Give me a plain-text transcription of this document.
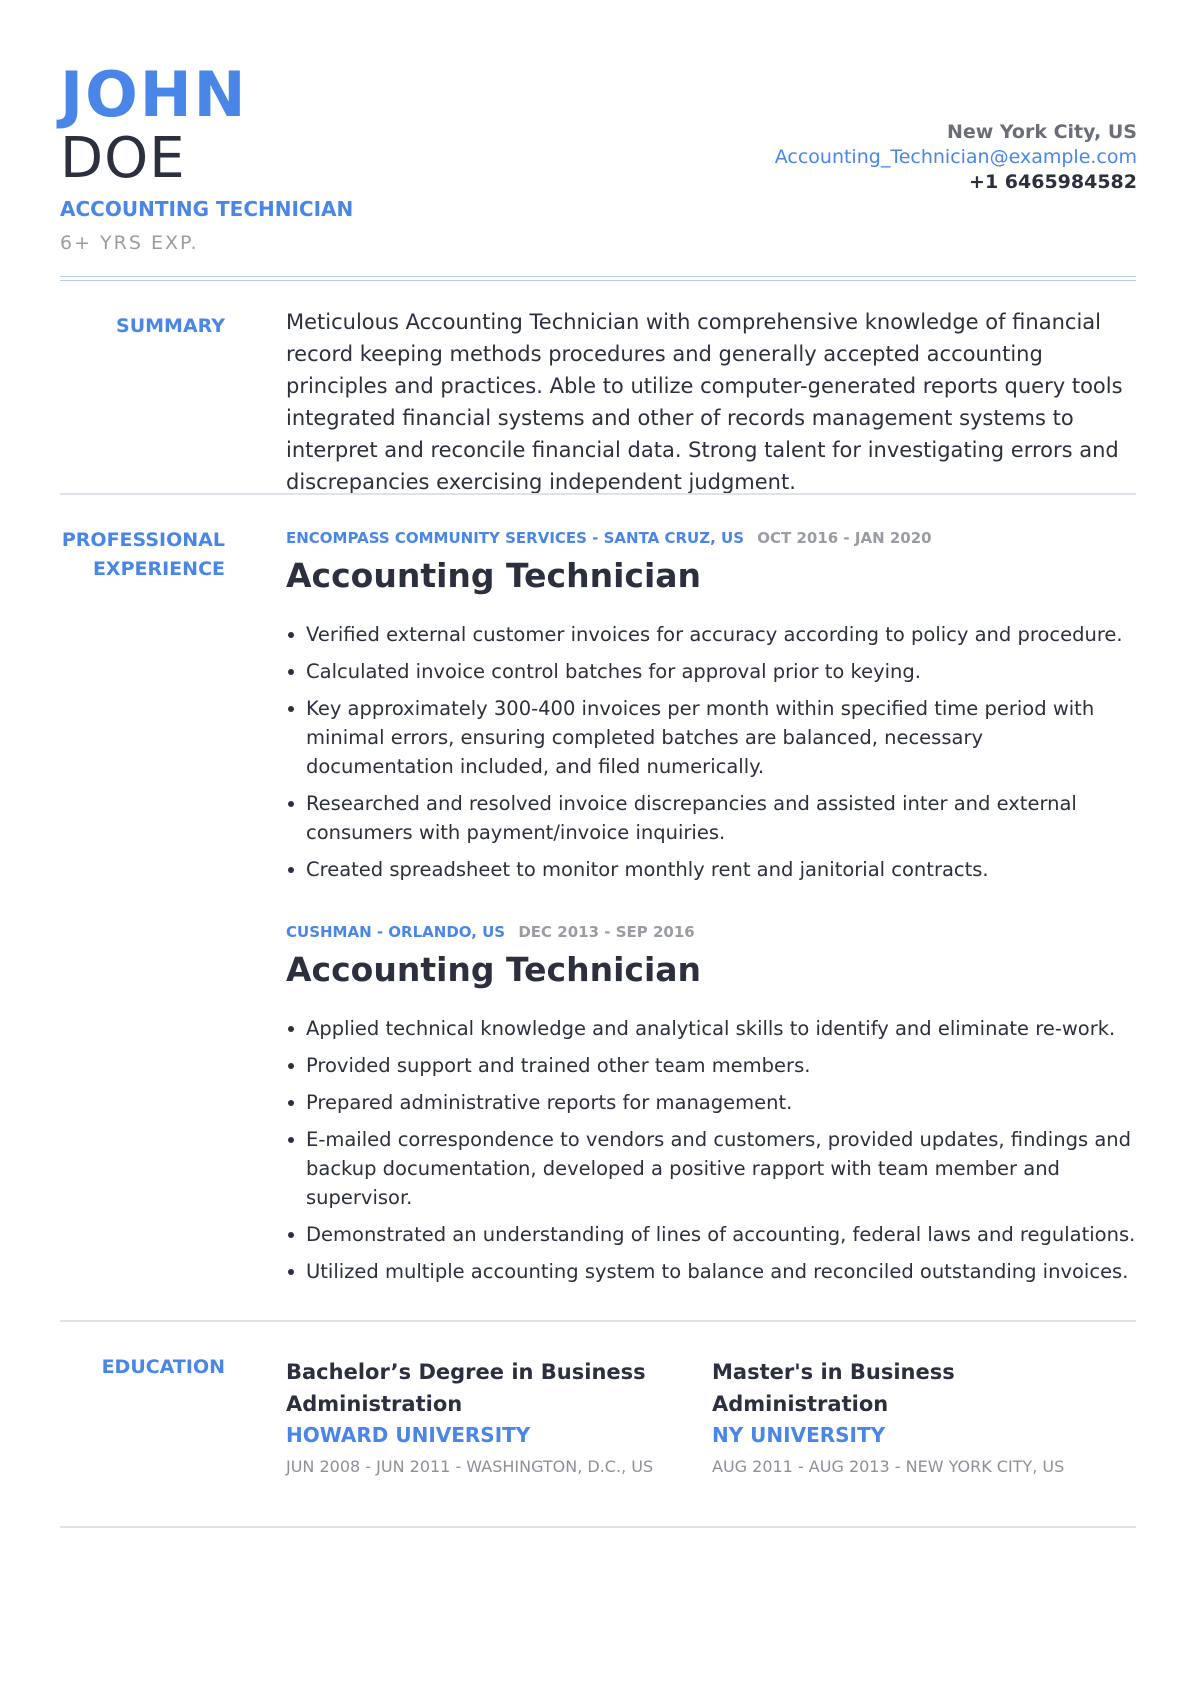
JOHN
DOE
ACCOUNTING TECHNICIAN
6+ YRS EXP.
New York City, US
Accounting_Technician@example.com
+1 6465984582
SUMMARY	Meticulous Accounting Technician with comprehensive knowledge of financial record keeping methods procedures and generally accepted accounting principles and practices. Able to utilize computer-generated reports query tools integrated financial systems and other of records management systems to interpret and reconcile financial data. Strong talent for investigating errors and discrepancies exercising independent judgment.
PROFESSIONAL
EXPERIENCE
ENCOMPASS COMMUNITY SERVICES - SANTA CRUZ, US OCT 2016 - JAN 2020
Accounting Technician
Verified external customer invoices for accuracy according to policy and procedure.
Calculated invoice control batches for approval prior to keying.
Key approximately 300-400 invoices per month within specified time period with minimal errors, ensuring completed batches are balanced, necessary documentation included, and filed numerically.
Researched and resolved invoice discrepancies and assisted inter and external consumers with payment/invoice inquiries.
Created spreadsheet to monitor monthly rent and janitorial contracts.
CUSHMAN - ORLANDO, US DEC 2013 - SEP 2016
Accounting Technician
Applied technical knowledge and analytical skills to identify and eliminate re-work.
Provided support and trained other team members.
Prepared administrative reports for management.
E-mailed correspondence to vendors and customers, provided updates, findings and backup documentation, developed a positive rapport with team member and supervisor.
Demonstrated an understanding of lines of accounting, federal laws and regulations.
Utilized multiple accounting system to balance and reconciled outstanding invoices.
EDUCATION	Bachelor’s Degree in Business Administration
HOWARD UNIVERSITY
JUN 2008 - JUN 2011 - WASHINGTON, D.C., US
Master's in Business Administration
NY UNIVERSITY
AUG 2011 - AUG 2013 - NEW YORK CITY, US
